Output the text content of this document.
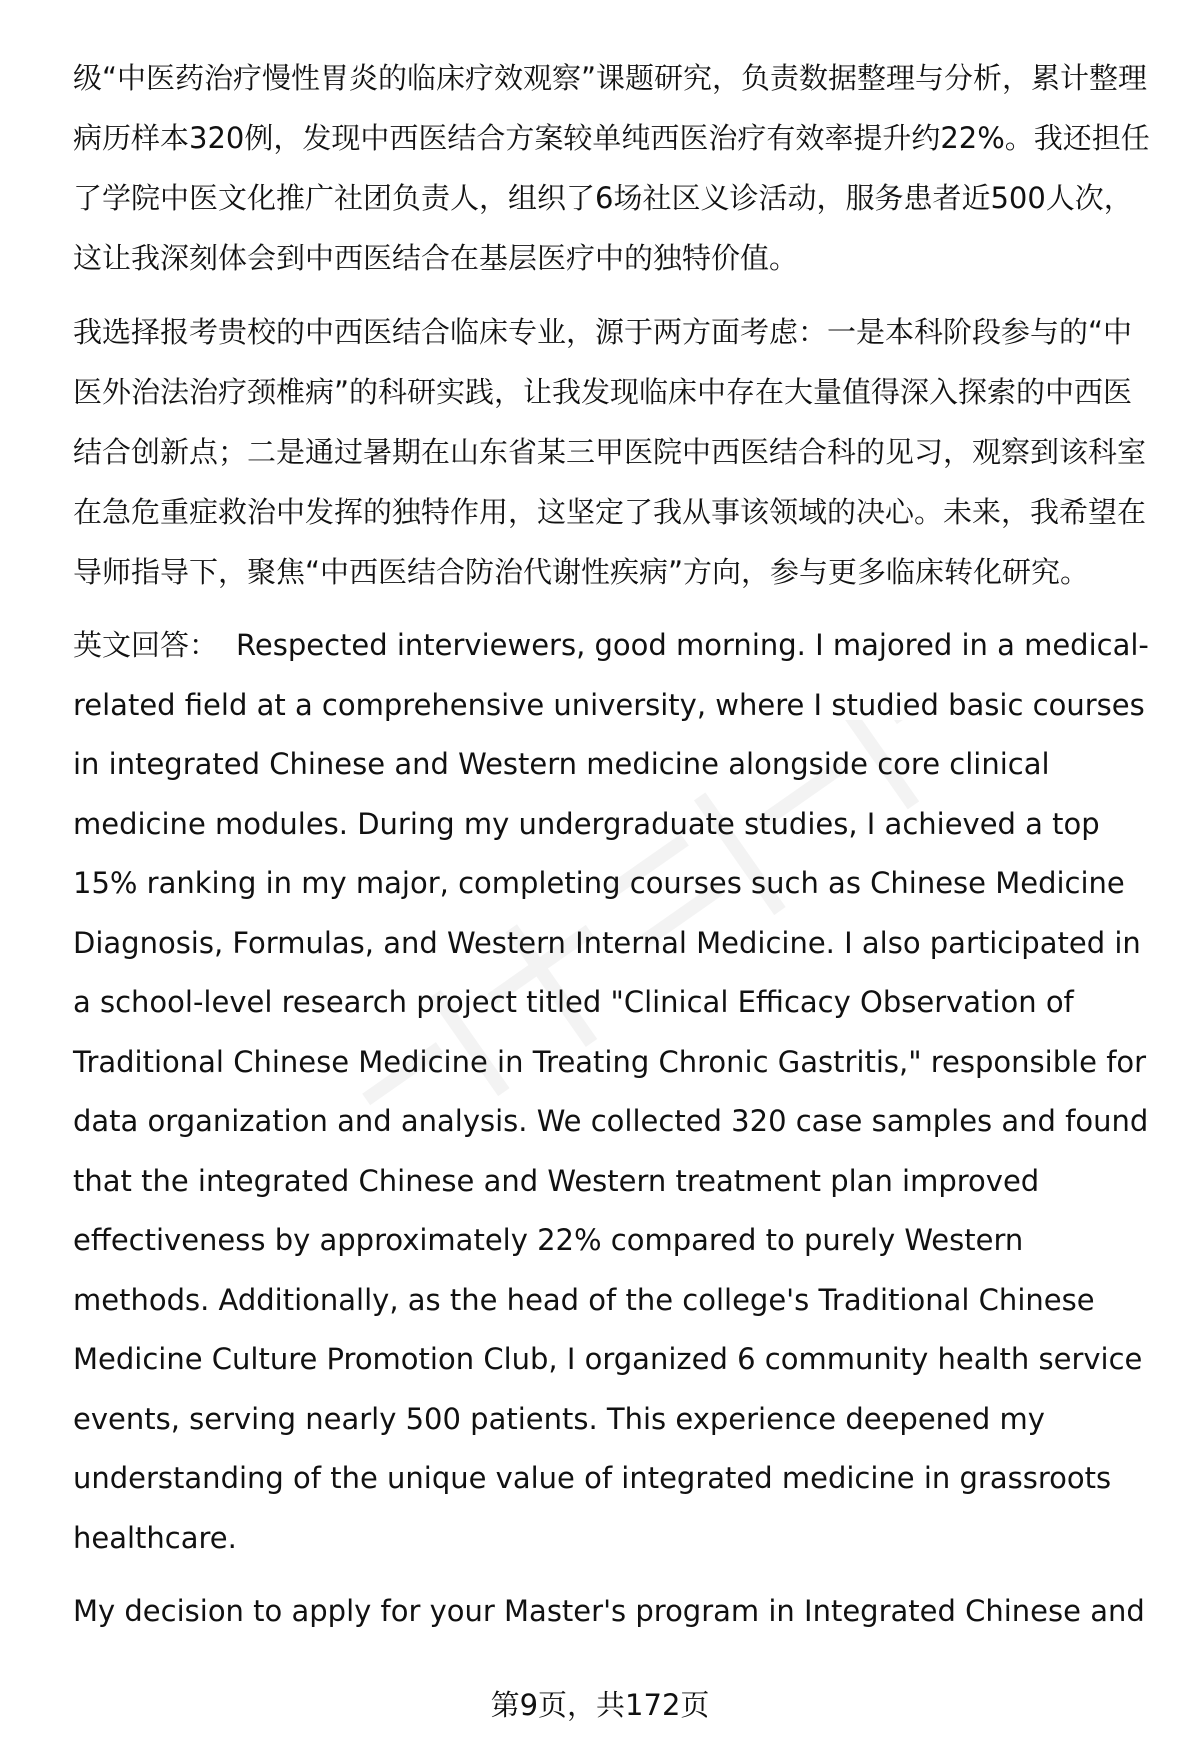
级“中医药治疗慢性胃炎的临床疗效观察”课题研究，负责数据整理与分析，累计整理病历样本320例，发现中西医结合方案较单纯西医治疗有效率提升约22%。我还担任了学院中医文化推广社团负责人，组织了6场社区义诊活动，服务患者近500人次，这让我深刻体会到中西医结合在基层医疗中的独特价值。

我选择报考贵校的中西医结合临床专业，源于两方面考虑：一是本科阶段参与的“中医外治法治疗颈椎病”的科研实践，让我发现临床中存在大量值得深入探索的中西医结合创新点；二是通过暑期在山东省某三甲医院中西医结合科的见习，观察到该科室在急危重症救治中发挥的独特作用，这坚定了我从事该领域的决心。未来，我希望在导师指导下，聚焦“中西医结合防治代谢性疾病”方向，参与更多临床转化研究。

英文回答： Respected interviewers, good morning. I majored in a medical-related field at a comprehensive university, where I studied basic courses in integrated Chinese and Western medicine alongside core clinical medicine modules. During my undergraduate studies, I achieved a top 15% ranking in my major, completing courses such as Chinese Medicine Diagnosis, Formulas, and Western Internal Medicine. I also participated in a school-level research project titled "Clinical Efficacy Observation of Traditional Chinese Medicine in Treating Chronic Gastritis," responsible for data organization and analysis. We collected 320 case samples and found that the integrated Chinese and Western treatment plan improved effectiveness by approximately 22% compared to purely Western methods. Additionally, as the head of the college's Traditional Chinese Medicine Culture Promotion Club, I organized 6 community health service events, serving nearly 500 patients. This experience deepened my understanding of the unique value of integrated medicine in grassroots healthcare.

My decision to apply for your Master's program in Integrated Chinese and

第9页，共172页
